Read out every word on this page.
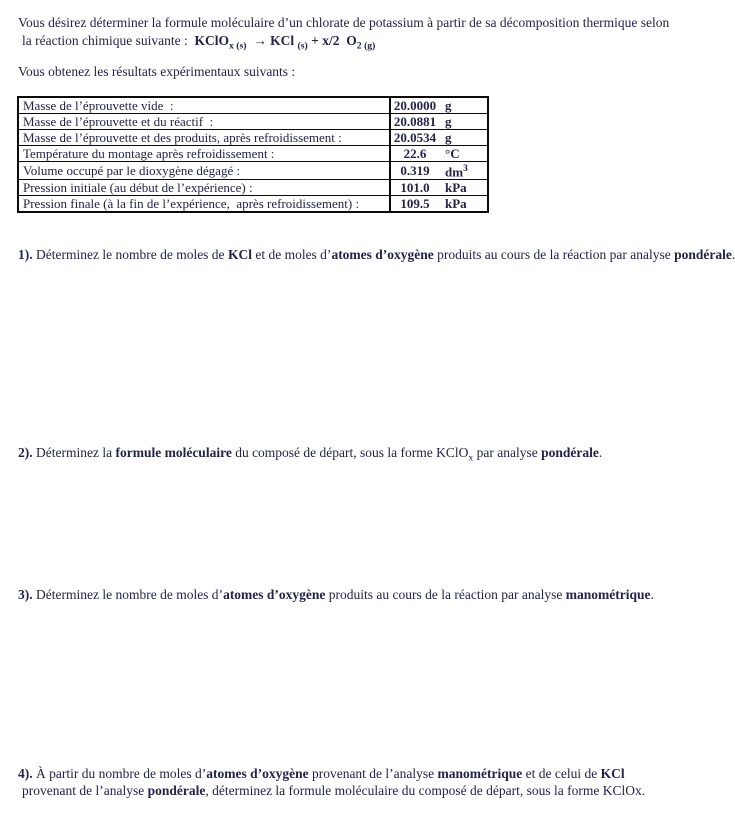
Vous désirez déterminer la formule moléculaire d’un chlorate de potassium à partir de sa décomposition thermique selon
la réaction chimique suivante :  KClO$_{x (s)}$  → KCl $_{(s)}$ + x/2  $O_{2 (g)}$
Vous obtenez les résultats expérimentaux suivants :
Masse de l’éprouvette vide  :	20.0000	g
Masse de l’éprouvette et du réactif  :	20.0881	g
Masse de l’éprouvette et des produits, après refroidissement :	20.0534	g
Température du montage après refroidissement :	22.6	°C
Volume occupé par le dioxygène dégagé :	0.319	$dm^3$
Pression initiale (au début de l’expérience) :	101.0	kPa
Pression finale (à la fin de l’expérience,  après refroidissement) :	109.5	kPa
1). Déterminez le nombre de moles de KCl et de moles d’atomes d’oxygène produits au cours de la réaction par analyse pondérale.
2). Déterminez la formule moléculaire du composé de départ, sous la forme KClO$_x$ par analyse pondérale.
3). Déterminez le nombre de moles d’atomes d’oxygène produits au cours de la réaction par analyse manométrique.
4). À partir du nombre de moles d’atomes d’oxygène provenant de l’analyse manométrique et de celui de KCl
provenant de l’analyse pondérale, déterminez la formule moléculaire du composé de départ, sous la forme KClOx.
